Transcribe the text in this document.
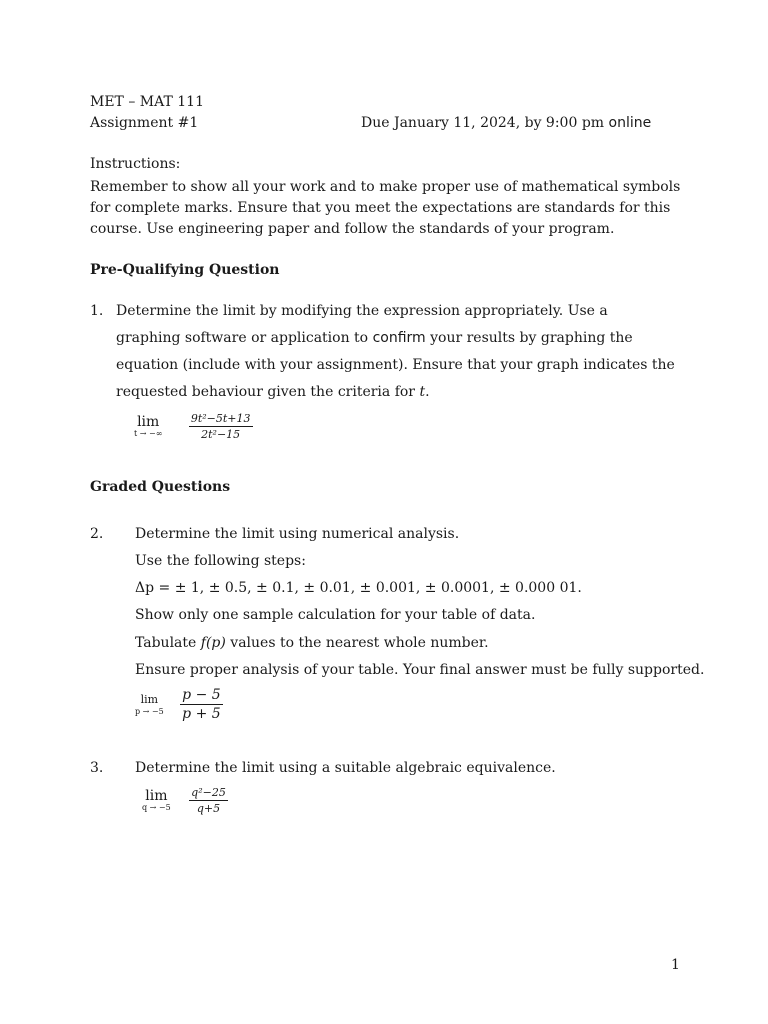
MET – MAT 111
Assignment #1	Due January 11, 2024, by 9:00 pm online
Instructions:
Remember to show all your work and to make proper use of mathematical symbols for complete marks. Ensure that you meet the expectations are standards for this course. Use engineering paper and follow the standards of your program.
Pre-Qualifying Question
1. Determine the limit by modifying the expression appropriately. Use a graphing software or application to confirm your results by graphing the equation (include with your assignment). Ensure that your graph indicates the requested behaviour given the criteria for t.
lim
t → −∞
$\frac{\text{9t²−5t+13}}{\text{2t²−15}}$
Graded Questions
2. Determine the limit using numerical analysis.
Use the following steps:
Δp = ± 1, ± 0.5, ± 0.1, ± 0.01, ± 0.001, ± 0.0001, ± 0.000 01.
Show only one sample calculation for your table of data.
Tabulate f(p) values to the nearest whole number.
Ensure proper analysis of your table. Your final answer must be fully supported.
lim
p → −5
$\frac{p - 5}{p + 5}$
3. Determine the limit using a suitable algebraic equivalence.
lim
q → −5
$\frac{\text{q²−25}}{q+5}$
1
